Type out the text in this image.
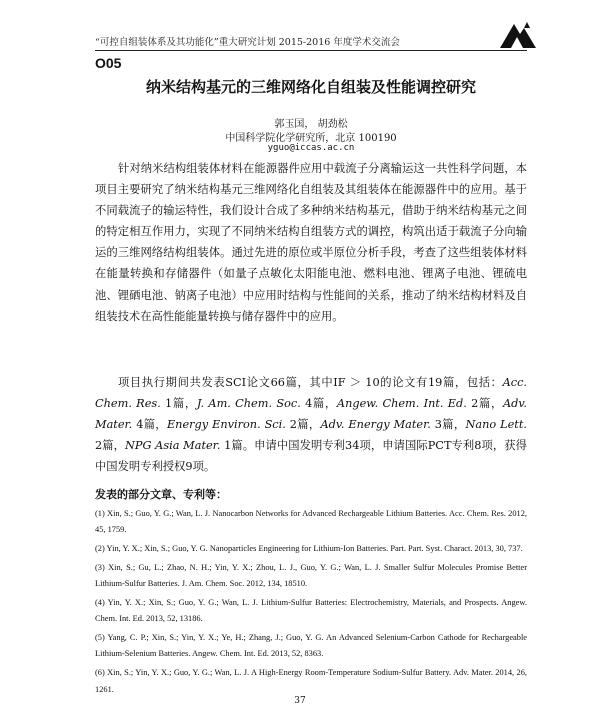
“可控自组装体系及其功能化”重大研究计划 2015-2016 年度学术交流会
O05
纳米结构基元的三维网络化自组装及性能调控研究
郭玉国， 胡劲松
中国科学院化学研究所，北京 100190
yguo@iccas.ac.cn

针对纳米结构组装体材料在能源器件应用中载流子分离输运这一共性科学问题，本项目主要研究了纳米结构基元三维网络化自组装及其组装体在能源器件中的应用。基于不同载流子的输运特性，我们设计合成了多种纳米结构基元，借助于纳米结构基元之间的特定相互作用力，实现了不同纳米结构自组装方式的调控，构筑出适于载流子分向输运的三维网络结构组装体。通过先进的原位或半原位分析手段，考查了这些组装体材料在能量转换和存储器件（如量子点敏化太阳能电池、燃料电池、锂离子电池、锂硫电池、锂硒电池、钠离子电池）中应用时结构与性能间的关系，推动了纳米结构材料及自组装技术在高性能能量转换与储存器件中的应用。

项目执行期间共发表SCI论文66篇，其中IF ＞ 10的论文有19篇，包括：Acc. Chem. Res. 1篇，J. Am. Chem. Soc. 4篇，Angew. Chem. Int. Ed. 2篇，Adv. Mater. 4篇，Energy Environ. Sci. 2篇，Adv. Energy Mater. 3篇，Nano Lett. 2篇，NPG Asia Mater. 1篇。申请中国发明专利34项，申请国际PCT专利8项，获得中国发明专利授权9项。

发表的部分文章、专利等：
(1) Xin, S.; Guo, Y. G.; Wan, L. J. Nanocarbon Networks for Advanced Rechargeable Lithium Batteries. Acc. Chem. Res. 2012, 45, 1759.
(2) Yin, Y. X.; Xin, S.; Guo, Y. G. Nanoparticles Engineering for Lithium-Ion Batteries. Part. Part. Syst. Charact. 2013, 30, 737.
(3) Xin, S.; Gu, L.; Zhao, N. H.; Yin, Y. X.; Zhou, L. J., Guo, Y. G.; Wan, L. J. Smaller Sulfur Molecules Promise Better Lithium-Sulfur Batteries. J. Am. Chem. Soc. 2012, 134, 18510.
(4) Yin, Y. X.; Xin, S.; Guo, Y. G.; Wan, L. J. Lithium-Sulfur Batteries: Electrochemistry, Materials, and Prospects. Angew. Chem. Int. Ed. 2013, 52, 13186.
(5) Yang, C. P.; Xin, S.; Yin, Y. X.; Ye, H.; Zhang, J.; Guo, Y. G. An Advanced Selenium-Carbon Cathode for Rechargeable Lithium-Selenium Batteries. Angew. Chem. Int. Ed. 2013, 52, 8363.
(6) Xin, S.; Yin, Y. X.; Guo, Y. G.; Wan, L. J. A High-Energy Room-Temperature Sodium-Sulfur Battery. Adv. Mater. 2014, 26, 1261.
37
